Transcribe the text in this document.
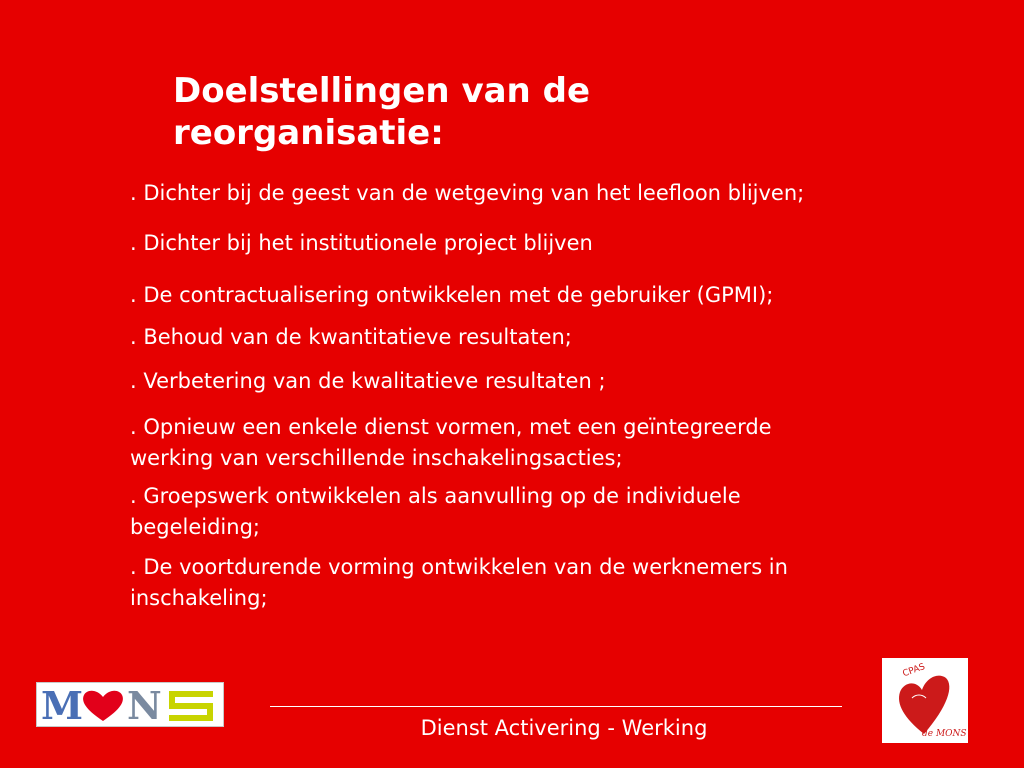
Doelstellingen van de reorganisatie:
. Dichter bij de geest van de wetgeving van het leefloon blijven;
. Dichter bij het institutionele project blijven
. De contractualisering ontwikkelen met de gebruiker (GPMI);
. Behoud van de kwantitatieve resultaten;
. Verbetering van de kwalitatieve resultaten ;
. Opnieuw een enkele dienst vormen, met een geïntegreerde werking van verschillende inschakelingsacties;
. Groepswerk ontwikkelen als aanvulling op de individuele begeleiding;
. De voortdurende vorming ontwikkelen van de werknemers in inschakeling;
M N	Dienst Activering - Werking
CPAS
de MONS
